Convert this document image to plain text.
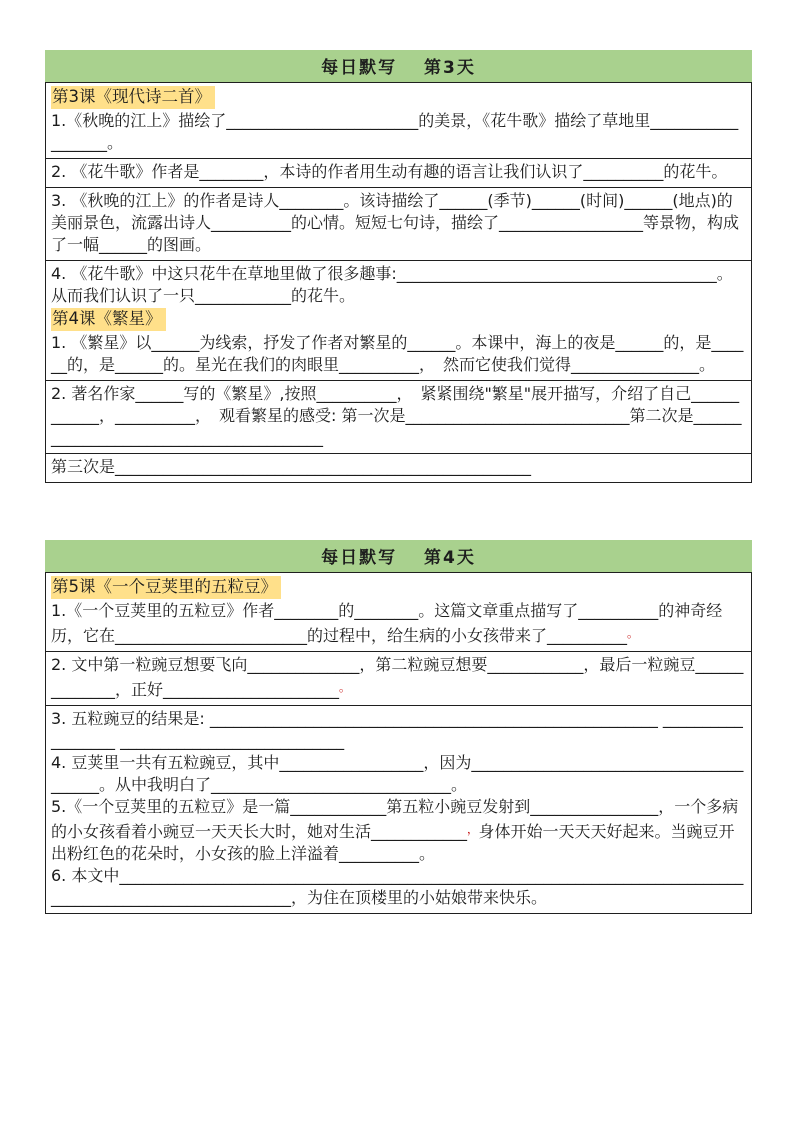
每日默写　 第3天
第3课《现代诗二首》

1.《秋晚的江上》描绘了________________________的美景，《花牛歌》描绘了草地里__________________。

2. 《花牛歌》作者是________，本诗的作者用生动有趣的语言让我们认识了__________的花牛。

3. 《秋晚的江上》的作者是诗人________。该诗描绘了______(季节)______(时间)______(地点)的美丽景色，流露出诗人__________的心情。短短七句诗，描绘了__________________等景物，构成了一幅______的图画。

4. 《花牛歌》中这只花牛在草地里做了很多趣事:________________________________________。从而我们认识了一只____________的花牛。

第4课《繁星》

1. 《繁星》以______为线索，抒发了作者对繁星的______。本课中，海上的夜是______的，是______的，是______的。星光在我们的肉眼里__________，　然而它使我们觉得________________。

2. 著名作家______写的《繁星》,按照__________，　紧紧围绕"繁星"展开描写，介绍了自己____________，__________，　观看繁星的感受: 第一次是____________________________第二次是________________________________________

第三次是____________________________________________________

每日默写　 第4天
第5课《一个豆荚里的五粒豆》

1.《一个豆荚里的五粒豆》作者________的________。这篇文章重点描写了__________的神奇经历，它在________________________的过程中，给生病的小女孩带来了__________。

2. 文中第一粒豌豆想要飞向______________，第二粒豌豆想要____________，最后一粒豌豆______________，正好______________________。

3. 五粒豌豆的结果是: ________________________________________________________ __________________ ____________________________

4. 豆荚里一共有五粒豌豆，其中__________________，因为________________________________________。从中我明白了______________________________。

5.《一个豆荚里的五粒豆》是一篇____________第五粒小豌豆发射到________________，一个多病的小女孩看着小豌豆一天天长大时，她对生活____________，身体开始一天天天好起来。当豌豆开出粉红色的花朵时，小女孩的脸上洋溢着__________。

6. 本文中____________________________________________________________________________________________________________，为住在顶楼里的小姑娘带来快乐。
